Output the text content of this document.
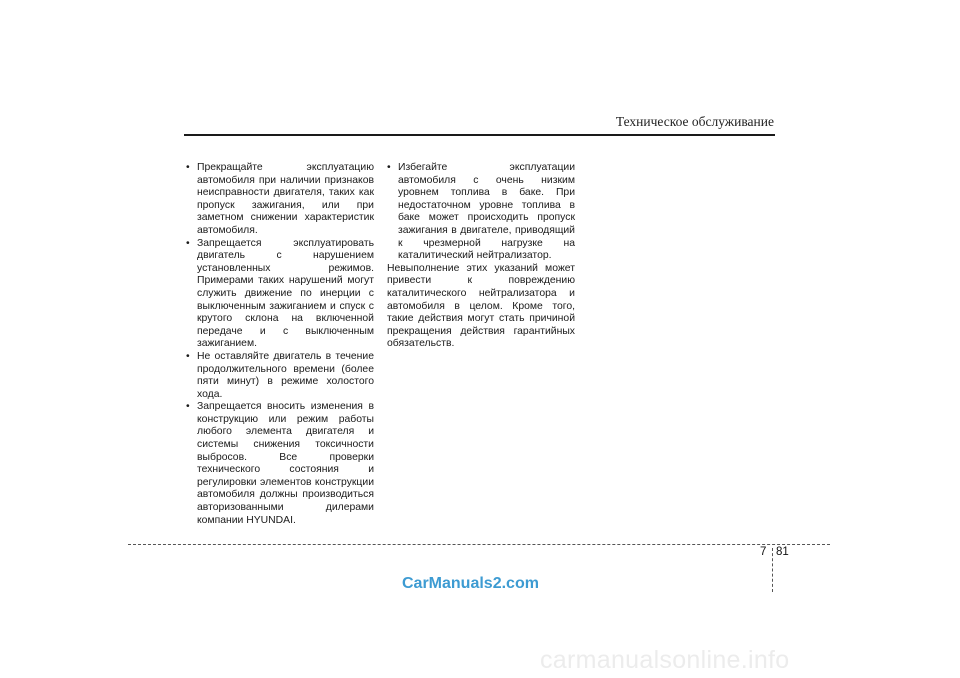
Техническое обслуживание
• Прекращайте эксплуатацию автомобиля при наличии признаков неисправности двигателя, таких как пропуск зажигания, или при заметном снижении характеристик автомобиля.
• Запрещается эксплуатировать двигатель с нарушением установленных режимов. Примерами таких нарушений могут служить движение по инерции с выключенным зажиганием и спуск с крутого склона на включенной передаче и с выключенным зажиганием.
• Не оставляйте двигатель в течение продолжительного времени (более пяти минут) в режиме холостого хода.
• Запрещается вносить изменения в конструкцию или режим работы любого элемента двигателя и системы снижения токсичности выбросов. Все проверки технического состояния и регулировки элементов конструкции автомобиля должны производиться авторизованными дилерами компании HYUNDAI.
• Избегайте эксплуатации автомобиля с очень низким уровнем топлива в баке. При недостаточном уровне топлива в баке может происходить пропуск зажигания в двигателе, приводящий к чрезмерной нагрузке на каталитический нейтрализатор.

Невыполнение этих указаний может привести к повреждению каталитического нейтрализатора и автомобиля в целом. Кроме того, такие действия могут стать причиной прекращения действия гарантийных обязательств.

7 81
CarManuals2.com
carmanualsonline.info
